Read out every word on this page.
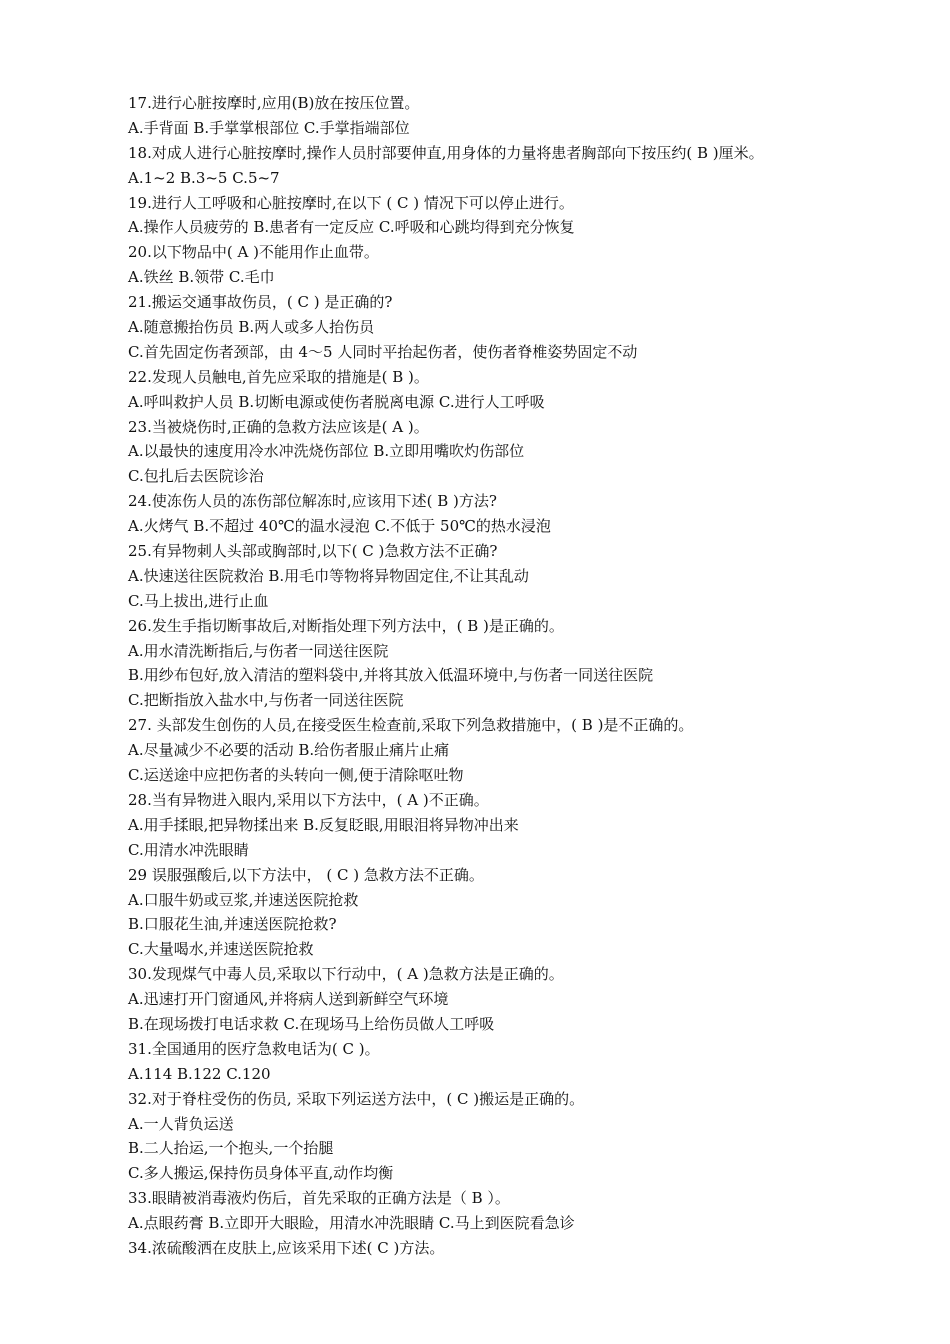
17.进行心脏按摩时,应用(B)放在按压位置。
A.手背面 B.手掌掌根部位 C.手掌指端部位
18.对成人进行心脏按摩时,操作人员肘部要伸直,用身体的力量将患者胸部向下按压约( B )厘米。
A.1~2 B.3~5 C.5~7
19.进行人工呼吸和心脏按摩时,在以下 ( C ) 情况下可以停止进行。
A.操作人员疲劳的 B.患者有一定反应 C.呼吸和心跳均得到充分恢复
20.以下物品中( A )不能用作止血带。
A.铁丝 B.领带 C.毛巾
21.搬运交通事故伤员，( C ) 是正确的?
A.随意搬抬伤员 B.两人或多人抬伤员
C.首先固定伤者颈部，由 4～5 人同时平抬起伤者，使伤者脊椎姿势固定不动
22.发现人员触电,首先应采取的措施是( B )。
A.呼叫救护人员 B.切断电源或使伤者脱离电源 C.进行人工呼吸
23.当被烧伤时,正确的急救方法应该是( A )。
A.以最快的速度用冷水冲洗烧伤部位 B.立即用嘴吹灼伤部位
C.包扎后去医院诊治
24.使冻伤人员的冻伤部位解冻时,应该用下述( B )方法?
A.火烤气 B.不超过 40℃的温水浸泡 C.不低于 50℃的热水浸泡
25.有异物刺人头部或胸部时,以下( C )急救方法不正确?
A.快速送往医院救治 B.用毛巾等物将异物固定住,不让其乱动
C.马上拔出,进行止血
26.发生手指切断事故后,对断指处理下列方法中，( B )是正确的。
A.用水清洗断指后,与伤者一同送往医院
B.用纱布包好,放入清洁的塑料袋中,并将其放入低温环境中,与伤者一同送往医院
C.把断指放入盐水中,与伤者一同送往医院
27. 头部发生创伤的人员,在接受医生检查前,采取下列急救措施中，( B )是不正确的。
A.尽量减少不必要的活动 B.给伤者服止痛片止痛
C.运送途中应把伤者的头转向一侧,便于清除呕吐物
28.当有异物进入眼内,采用以下方法中，( A )不正确。
A.用手揉眼,把异物揉出来 B.反复眨眼,用眼泪将异物冲出来
C.用清水冲洗眼睛
29 误服强酸后,以下方法中， ( C ) 急救方法不正确。
A.口服牛奶或豆浆,并速送医院抢救
B.口服花生油,并速送医院抢救?
C.大量喝水,并速送医院抢救
30.发现煤气中毒人员,采取以下行动中，( A )急救方法是正确的。
A.迅速打开门窗通风,并将病人送到新鲜空气环境
B.在现场拨打电话求救 C.在现场马上给伤员做人工呼吸
31.全国通用的医疗急救电话为( C )。
A.114 B.122 C.120
32.对于脊柱受伤的伤员, 采取下列运送方法中，( C )搬运是正确的。
A.一人背负运送
B.二人抬运,一个抱头,一个抬腿
C.多人搬运,保持伤员身体平直,动作均衡
33.眼睛被消毒液灼伤后，首先采取的正确方法是（ B ）。
A.点眼药膏 B.立即开大眼睑，用清水冲洗眼睛 C.马上到医院看急诊
34.浓硫酸洒在皮肤上,应该采用下述( C )方法。
